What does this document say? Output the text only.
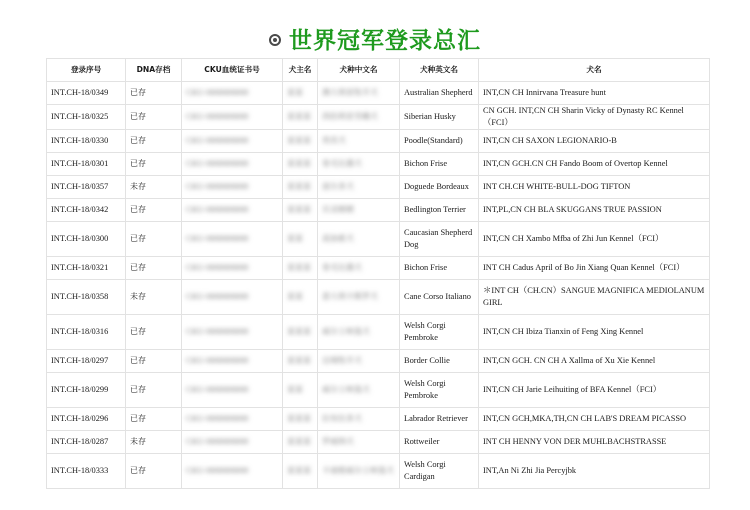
世界冠军登录总汇
登录序号	DNA存档	CKU血统证书号	犬主名	犬种中文名	犬种英文名	犬名
INT.CH-18/0349	已存	CKU-0000000000	某某	澳大利亚牧羊犬	Australian Shepherd	INT,CN CH Innirvana Treasure hunt
INT.CH-18/0325	已存	CKU-0000000000	某某某	西伯利亚雪橇犬	Siberian Husky	CN GCH. INT,CN CH Sharin Vicky of Dynasty RC Kennel（FCI）
INT.CH-18/0330	已存	CKU-0000000000	某某某	贵宾犬	Poodle(Standard)	INT,CN CH SAXON LEGIONARIO-B
INT.CH-18/0301	已存	CKU-0000000000	某某某	卷毛比雄犬	Bichon Frise	INT,CN GCH.CN CH Fando Boom of Overtop Kennel
INT.CH-18/0357	未存	CKU-0000000000	某某某	波尔多犬	Doguede Bordeaux	INT CH.CH WHITE-BULL-DOG TIFTON
INT.CH-18/0342	已存	CKU-0000000000	某某某	贝灵顿梗	Bedlington Terrier	INT,PL,CN CH BLA SKUGGANS TRUE PASSION
INT.CH-18/0300	已存	CKU-0000000000	某某	高加索犬	Caucasian Shepherd Dog	INT,CN CH Xambo Mfba of Zhi Jun Kennel（FCI）
INT.CH-18/0321	已存	CKU-0000000000	某某某	卷毛比雄犬	Bichon Frise	INT CH Cadus April of Bo Jin Xiang Quan Kennel（FCI）
INT.CH-18/0358	未存	CKU-0000000000	某某	意大利卡斯罗犬	Cane Corso Italiano	＊INT CH（CH.CN）SANGUE MAGNIFICA MEDIOLANUM GIRL
INT.CH-18/0316	已存	CKU-0000000000	某某某	威尔士柯基犬	Welsh Corgi Pembroke	INT,CN CH Ibiza Tianxin of Feng Xing Kennel
INT.CH-18/0297	已存	CKU-0000000000	某某某	边境牧羊犬	Border Collie	INT,CN GCH. CN CH A Xallma of Xu Xie Kennel
INT.CH-18/0299	已存	CKU-0000000000	某某	威尔士柯基犬	Welsh Corgi Pembroke	INT,CN CH Jarie Leihuiting of BFA Kennel（FCI）
INT.CH-18/0296	已存	CKU-0000000000	某某某	拉布拉多犬	Labrador Retriever	INT,CN GCH,MKA,TH,CN CH LAB'S DREAM PICASSO
INT.CH-18/0287	未存	CKU-0000000000	某某某	罗威纳犬	Rottweiler	INT CH HENNY VON DER MUHLBACHSTRASSE
INT.CH-18/0333	已存	CKU-0000000000	某某某	卡迪根威尔士柯基犬	Welsh Corgi Cardigan	INT,An Ni Zhi Jia Percyjbk
